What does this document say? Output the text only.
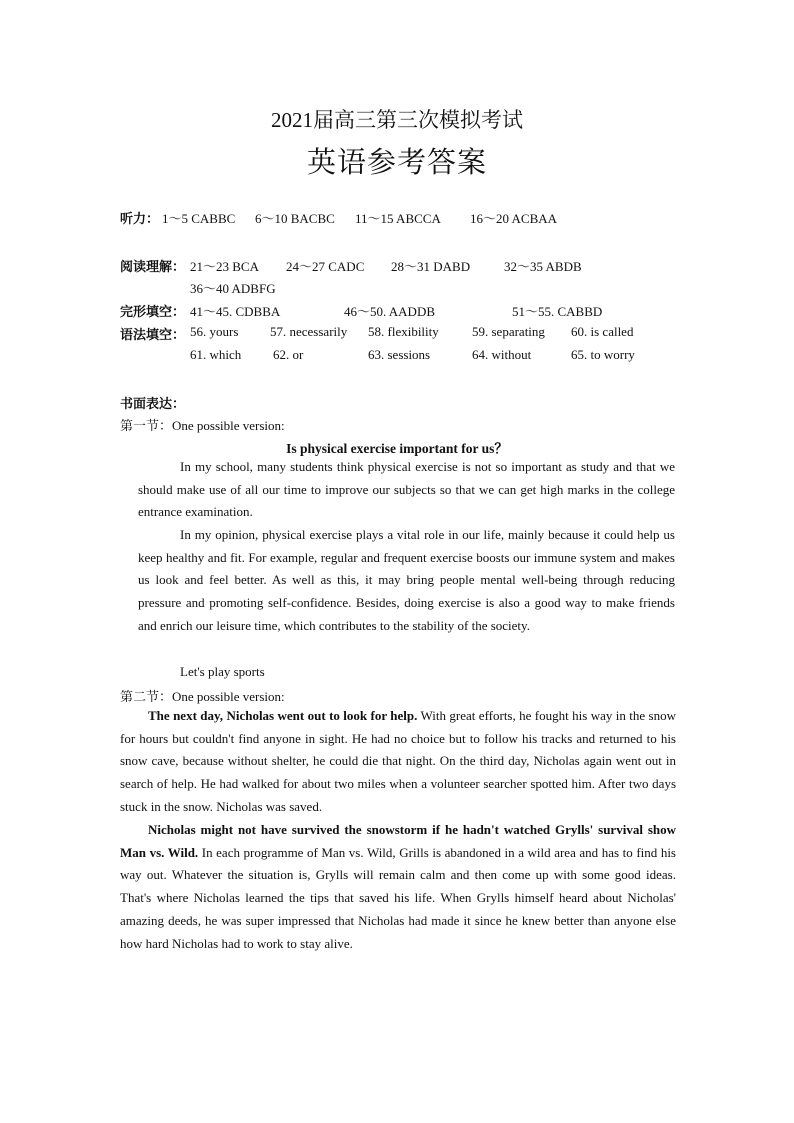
2021届高三第三次模拟考试
英语参考答案
听力： 1～5 CABBC 6～10 BACBC 11～15 ABCCA 16～20 ACBAA
阅读理解： 21～23 BCA 24～27 CADC 28～31 DABD	32～35 ABDB
36～40 ADBFG
完形填空： 41～45. CDBBA	46～50. AADDB	51～55. CABBD
语法填空： 56. yours 57. necessarily 58. flexibility	59. separating 60. is called
61. which 62. or	63. sessions	64. without	65. to worry
书面表达：
第一节：One possible version:
Is physical exercise important for us？
In my school, many students think physical exercise is not so important as study and that we should make use of all our time to improve our subjects so that we can get high marks in the college entrance examination.
In my opinion, physical exercise plays a vital role in our life, mainly because it could help us keep healthy and fit. For example, regular and frequent exercise boosts our immune system and makes us look and feel better. As well as this, it may bring people mental well-being through reducing pressure and promoting self-confidence. Besides, doing exercise is also a good way to make friends and enrich our leisure time, which contributes to the stability of the society.
Let's play sports
第二节：One possible version:
The next day, Nicholas went out to look for help. With great efforts, he fought his way in the snow for hours but couldn't find anyone in sight. He had no choice but to follow his tracks and returned to his snow cave, because without shelter, he could die that night. On the third day, Nicholas again went out in search of help. He had walked for about two miles when a volunteer searcher spotted him. After two days stuck in the snow. Nicholas was saved.
Nicholas might not have survived the snowstorm if he hadn't watched Grylls' survival show Man vs. Wild. In each programme of Man vs. Wild, Grills is abandoned in a wild area and has to find his way out. Whatever the situation is, Grylls will remain calm and then come up with some good ideas. That's where Nicholas learned the tips that saved his life. When Grylls himself heard about Nicholas' amazing deeds, he was super impressed that Nicholas had made it since he knew better than anyone else how hard Nicholas had to work to stay alive.
